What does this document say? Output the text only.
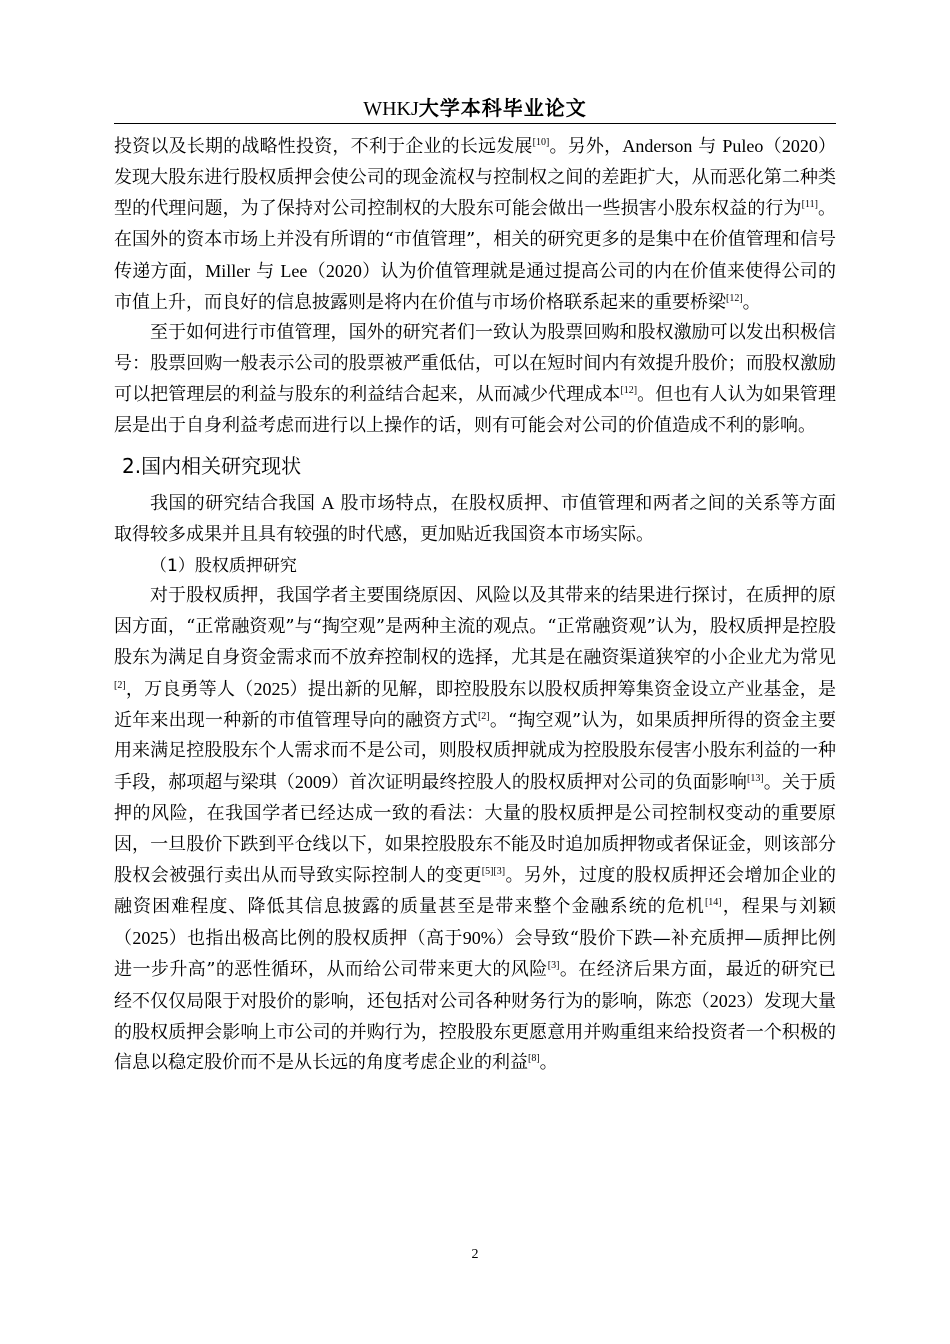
WHKJ大学本科毕业论文

投资以及长期的战略性投资，不利于企业的长远发展[10]。另外，Anderson 与 Puleo（2020）发现大股东进行股权质押会使公司的现金流权与控制权之间的差距扩大，从而恶化第二种类型的代理问题，为了保持对公司控制权的大股东可能会做出一些损害小股东权益的行为[11]。在国外的资本市场上并没有所谓的“市值管理”，相关的研究更多的是集中在价值管理和信号传递方面，Miller 与 Lee（2020）认为价值管理就是通过提高公司的内在价值来使得公司的市值上升，而良好的信息披露则是将内在价值与市场价格联系起来的重要桥梁[12]。

至于如何进行市值管理，国外的研究者们一致认为股票回购和股权激励可以发出积极信号：股票回购一般表示公司的股票被严重低估，可以在短时间内有效提升股价；而股权激励可以把管理层的利益与股东的利益结合起来，从而减少代理成本[12]。但也有人认为如果管理层是出于自身利益考虑而进行以上操作的话，则有可能会对公司的价值造成不利的影响。

2.国内相关研究现状

我国的研究结合我国 A 股市场特点，在股权质押、市值管理和两者之间的关系等方面取得较多成果并且具有较强的时代感，更加贴近我国资本市场实际。

（1）股权质押研究

对于股权质押，我国学者主要围绕原因、风险以及其带来的结果进行探讨，在质押的原因方面，“正常融资观”与“掏空观”是两种主流的观点。“正常融资观”认为，股权质押是控股股东为满足自身资金需求而不放弃控制权的选择，尤其是在融资渠道狭窄的小企业尤为常见[2]，万良勇等人（2025）提出新的见解，即控股股东以股权质押筹集资金设立产业基金，是近年来出现一种新的市值管理导向的融资方式[2]。“掏空观”认为，如果质押所得的资金主要用来满足控股股东个人需求而不是公司，则股权质押就成为控股股东侵害小股东利益的一种手段，郝项超与梁琪（2009）首次证明最终控股人的股权质押对公司的负面影响[13]。关于质押的风险，在我国学者已经达成一致的看法：大量的股权质押是公司控制权变动的重要原因，一旦股价下跌到平仓线以下，如果控股股东不能及时追加质押物或者保证金，则该部分股权会被强行卖出从而导致实际控制人的变更[5][3]。另外，过度的股权质押还会增加企业的融资困难程度、降低其信息披露的质量甚至是带来整个金融系统的危机[14]，程果与刘颖（2025）也指出极高比例的股权质押（高于90%）会导致“股价下跌—补充质押—质押比例进一步升高”的恶性循环，从而给公司带来更大的风险[3]。在经济后果方面，最近的研究已经不仅仅局限于对股价的影响，还包括对公司各种财务行为的影响，陈恋（2023）发现大量的股权质押会影响上市公司的并购行为，控股股东更愿意用并购重组来给投资者一个积极的信息以稳定股价而不是从长远的角度考虑企业的利益[8]。

2
